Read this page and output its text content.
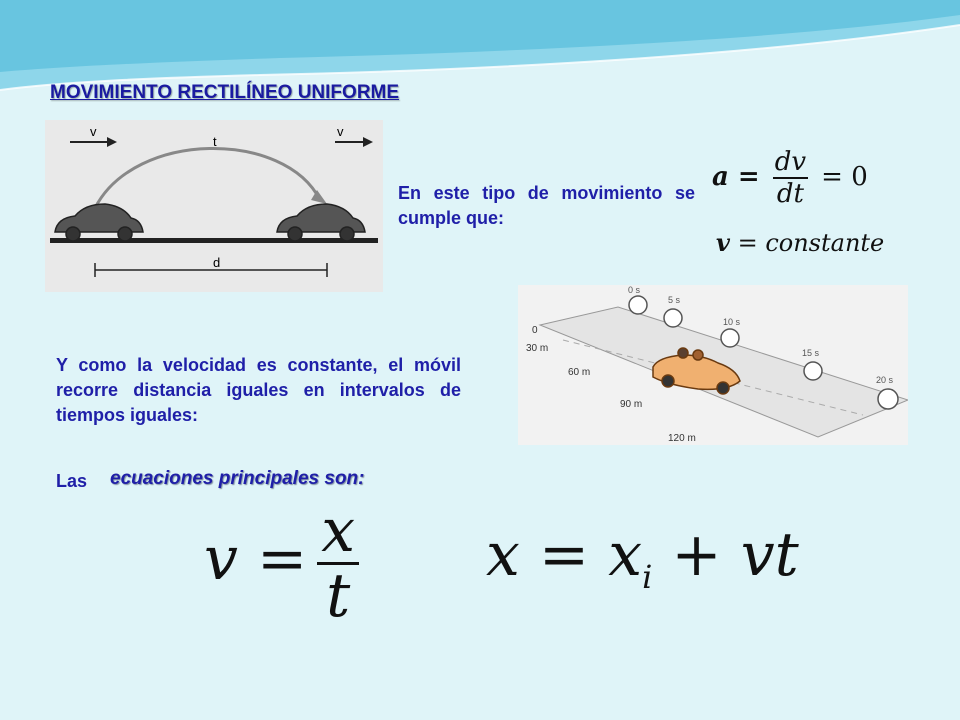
MOVIMIENTO RECTILÍNEO UNIFORME
v
t
v
d
En este tipo de movimiento se cumple que:
$a = \frac{dv}{dt} = 0$
v = constante
Y como la velocidad es constante, el móvil recorre distancia iguales en intervalos de tiempos iguales:
0
30 m
60 m
90 m
120 m
0 s
5 s
10 s
15 s
20 s
Las ecuaciones principales son:
$v = \frac{x}{t}$ $x = x_i$ + vt
